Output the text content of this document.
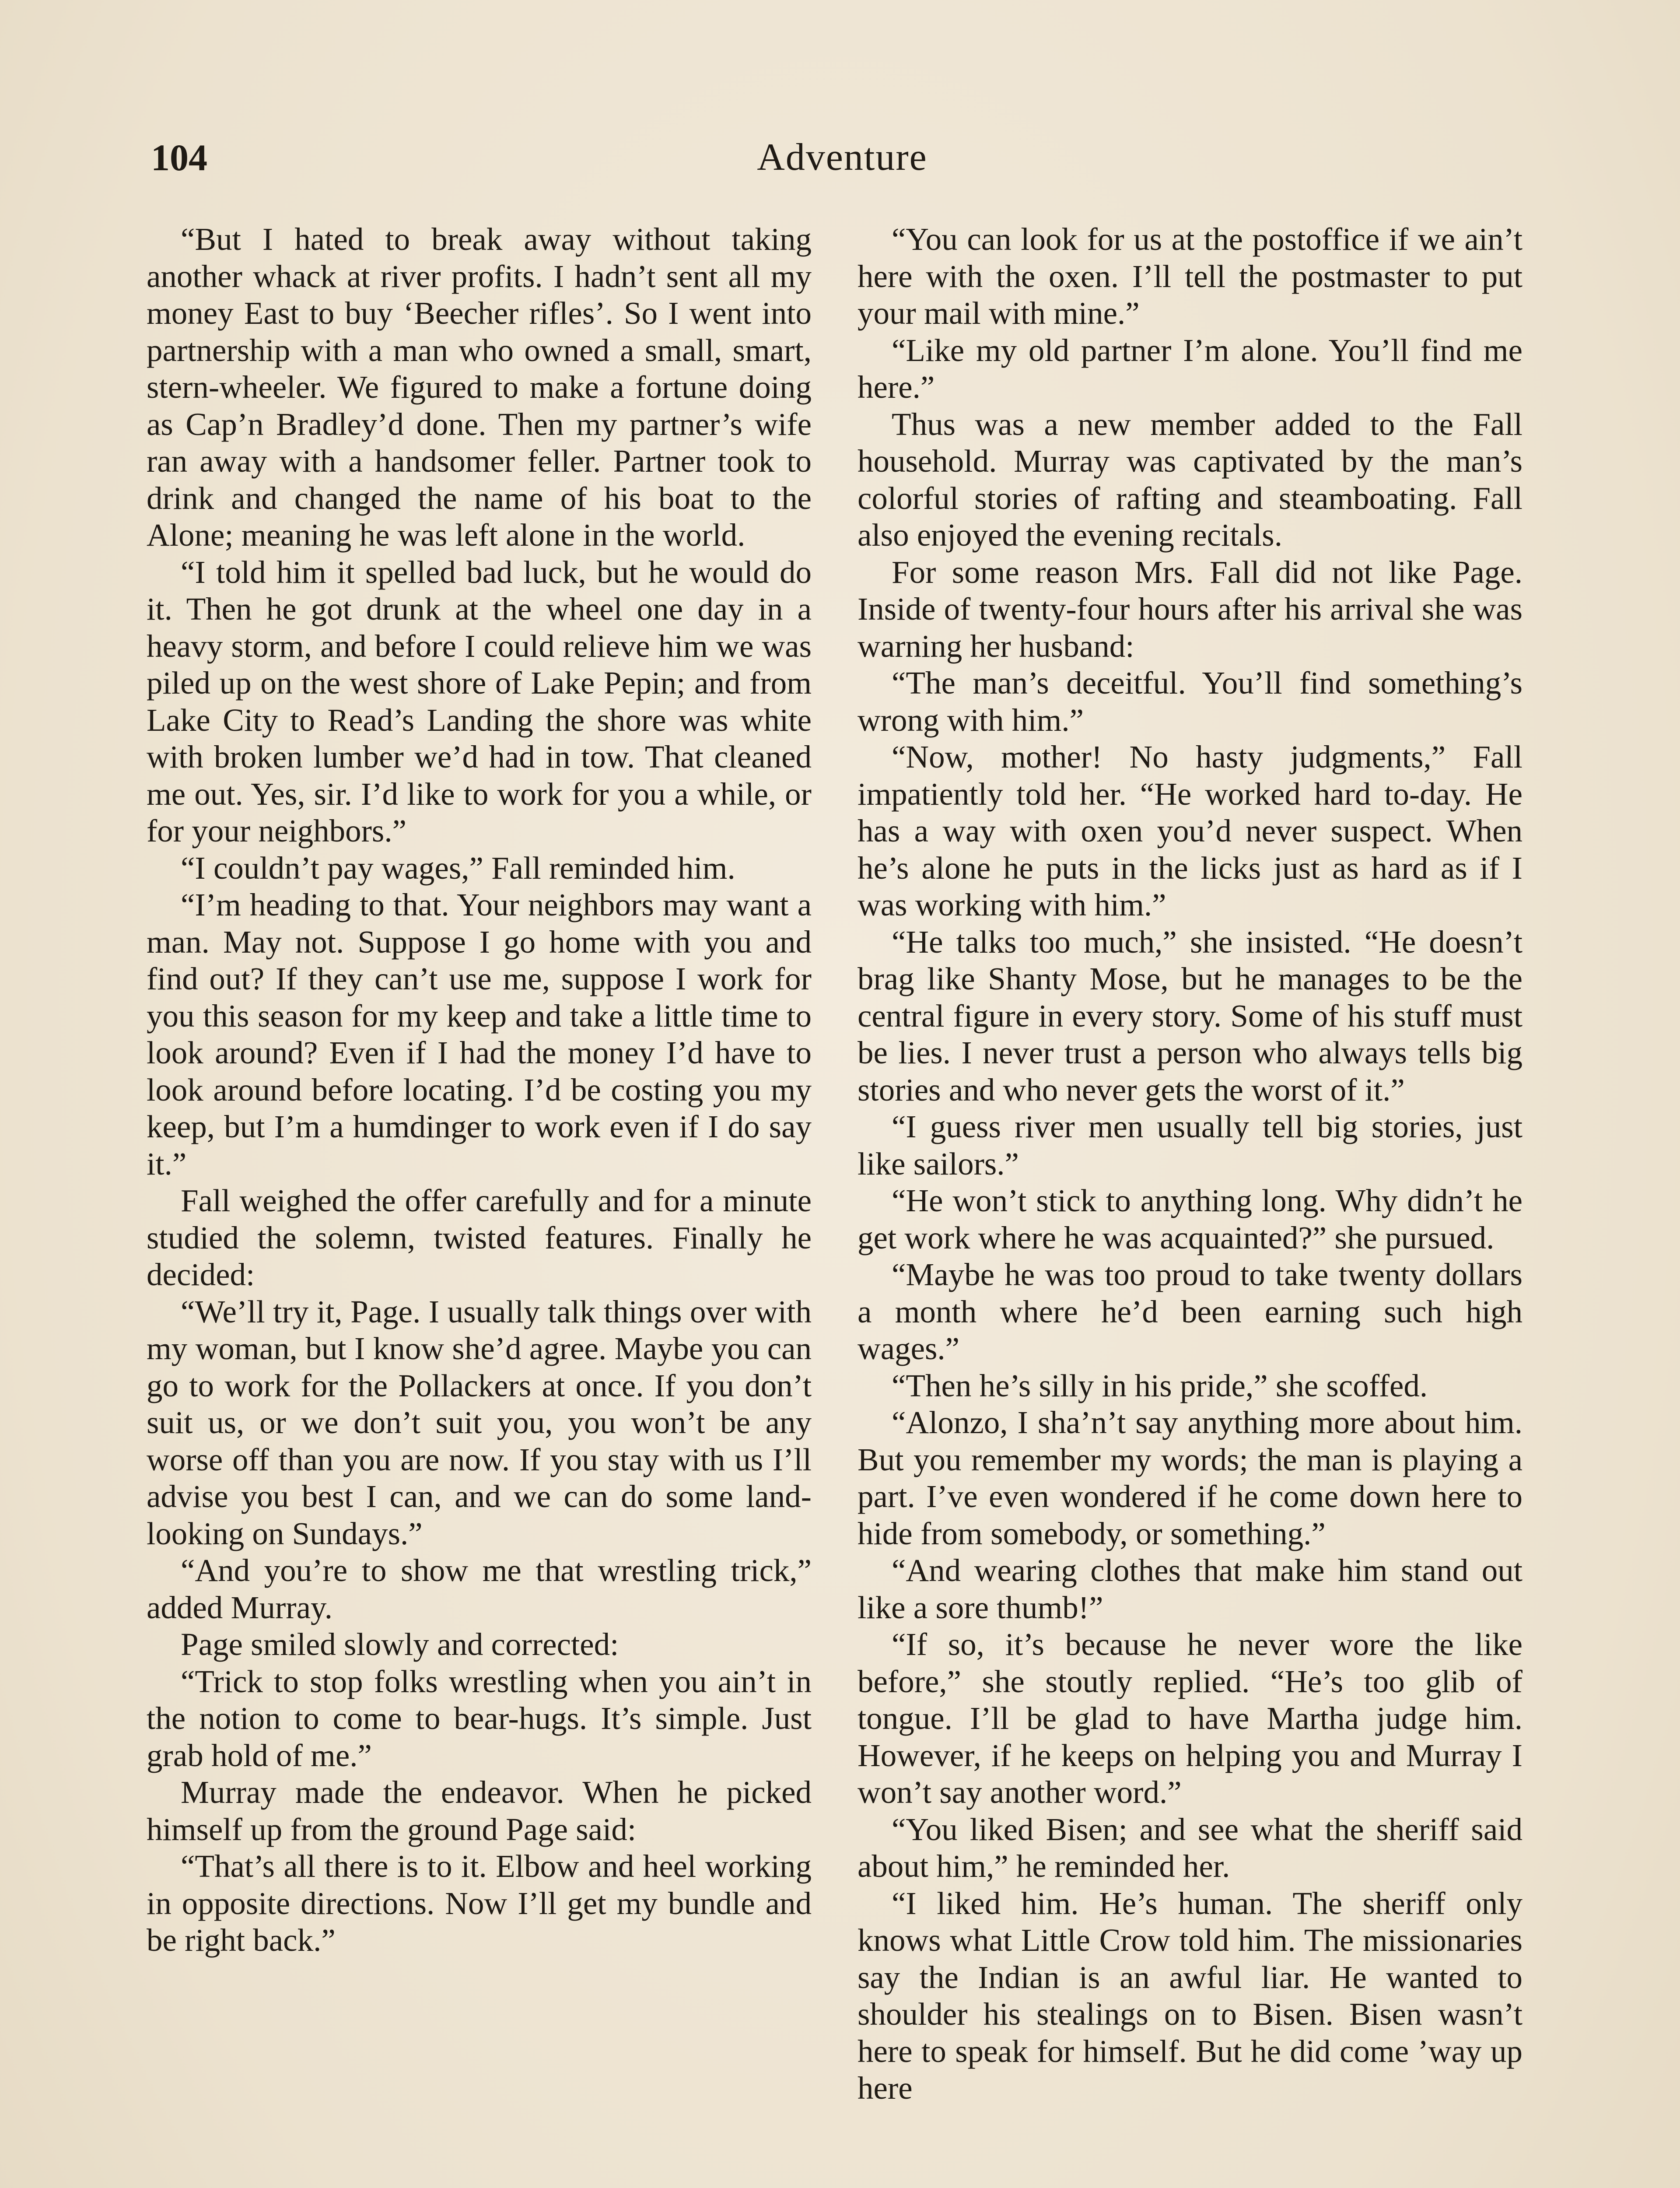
104	Adventure

“But I hated to break away without taking another whack at river profits. I hadn’t sent all my money East to buy ‘Beecher rifles’. So I went into partnership with a man who owned a small, smart, stern-wheeler. We figured to make a fortune doing as Cap’n Bradley’d done. Then my partner’s wife ran away with a handsomer feller. Partner took to drink and changed the name of his boat to the Alone; meaning he was left alone in the world.

“I told him it spelled bad luck, but he would do it. Then he got drunk at the wheel one day in a heavy storm, and before I could relieve him we was piled up on the west shore of Lake Pepin; and from Lake City to Read’s Landing the shore was white with broken lumber we’d had in tow. That cleaned me out. Yes, sir. I’d like to work for you a while, or for your neighbors.”

“I couldn’t pay wages,” Fall reminded him.

“I’m heading to that. Your neighbors may want a man. May not. Suppose I go home with you and find out? If they can’t use me, suppose I work for you this season for my keep and take a little time to look around? Even if I had the money I’d have to look around before locating. I’d be costing you my keep, but I’m a humdinger to work even if I do say it.”

Fall weighed the offer carefully and for a minute studied the solemn, twisted features. Finally he decided:

“We’ll try it, Page. I usually talk things over with my woman, but I know she’d agree. Maybe you can go to work for the Pollackers at once. If you don’t suit us, or we don’t suit you, you won’t be any worse off than you are now. If you stay with us I’ll advise you best I can, and we can do some land-looking on Sundays.”

“And you’re to show me that wrestling trick,” added Murray.

Page smiled slowly and corrected:

“Trick to stop folks wrestling when you ain’t in the notion to come to bear-hugs. It’s simple. Just grab hold of me.”

Murray made the endeavor. When he picked himself up from the ground Page said:

“That’s all there is to it. Elbow and heel working in opposite directions. Now I’ll get my bundle and be right back.”

“You can look for us at the postoffice if we ain’t here with the oxen. I’ll tell the postmaster to put your mail with mine.”

“Like my old partner I’m alone. You’ll find me here.”

Thus was a new member added to the Fall household. Murray was captivated by the man’s colorful stories of rafting and steamboating. Fall also enjoyed the evening recitals.

For some reason Mrs. Fall did not like Page. Inside of twenty-four hours after his arrival she was warning her husband:

“The man’s deceitful. You’ll find something’s wrong with him.”

“Now, mother! No hasty judgments,” Fall impatiently told her. “He worked hard to-day. He has a way with oxen you’d never suspect. When he’s alone he puts in the licks just as hard as if I was working with him.”

“He talks too much,” she insisted. “He doesn’t brag like Shanty Mose, but he manages to be the central figure in every story. Some of his stuff must be lies. I never trust a person who always tells big stories and who never gets the worst of it.”

“I guess river men usually tell big stories, just like sailors.”

“He won’t stick to anything long. Why didn’t he get work where he was acquainted?” she pursued.

“Maybe he was too proud to take twenty dollars a month where he’d been earning such high wages.”

“Then he’s silly in his pride,” she scoffed.

“Alonzo, I sha’n’t say anything more about him. But you remember my words; the man is playing a part. I’ve even wondered if he come down here to hide from somebody, or something.”

“And wearing clothes that make him stand out like a sore thumb!”

“If so, it’s because he never wore the like before,” she stoutly replied. “He’s too glib of tongue. I’ll be glad to have Martha judge him. However, if he keeps on helping you and Murray I won’t say another word.”

“You liked Bisen; and see what the sheriff said about him,” he reminded her.

“I liked him. He’s human. The sheriff only knows what Little Crow told him. The missionaries say the Indian is an awful liar. He wanted to shoulder his stealings on to Bisen. Bisen wasn’t here to speak for himself. But he did come ’way up here
